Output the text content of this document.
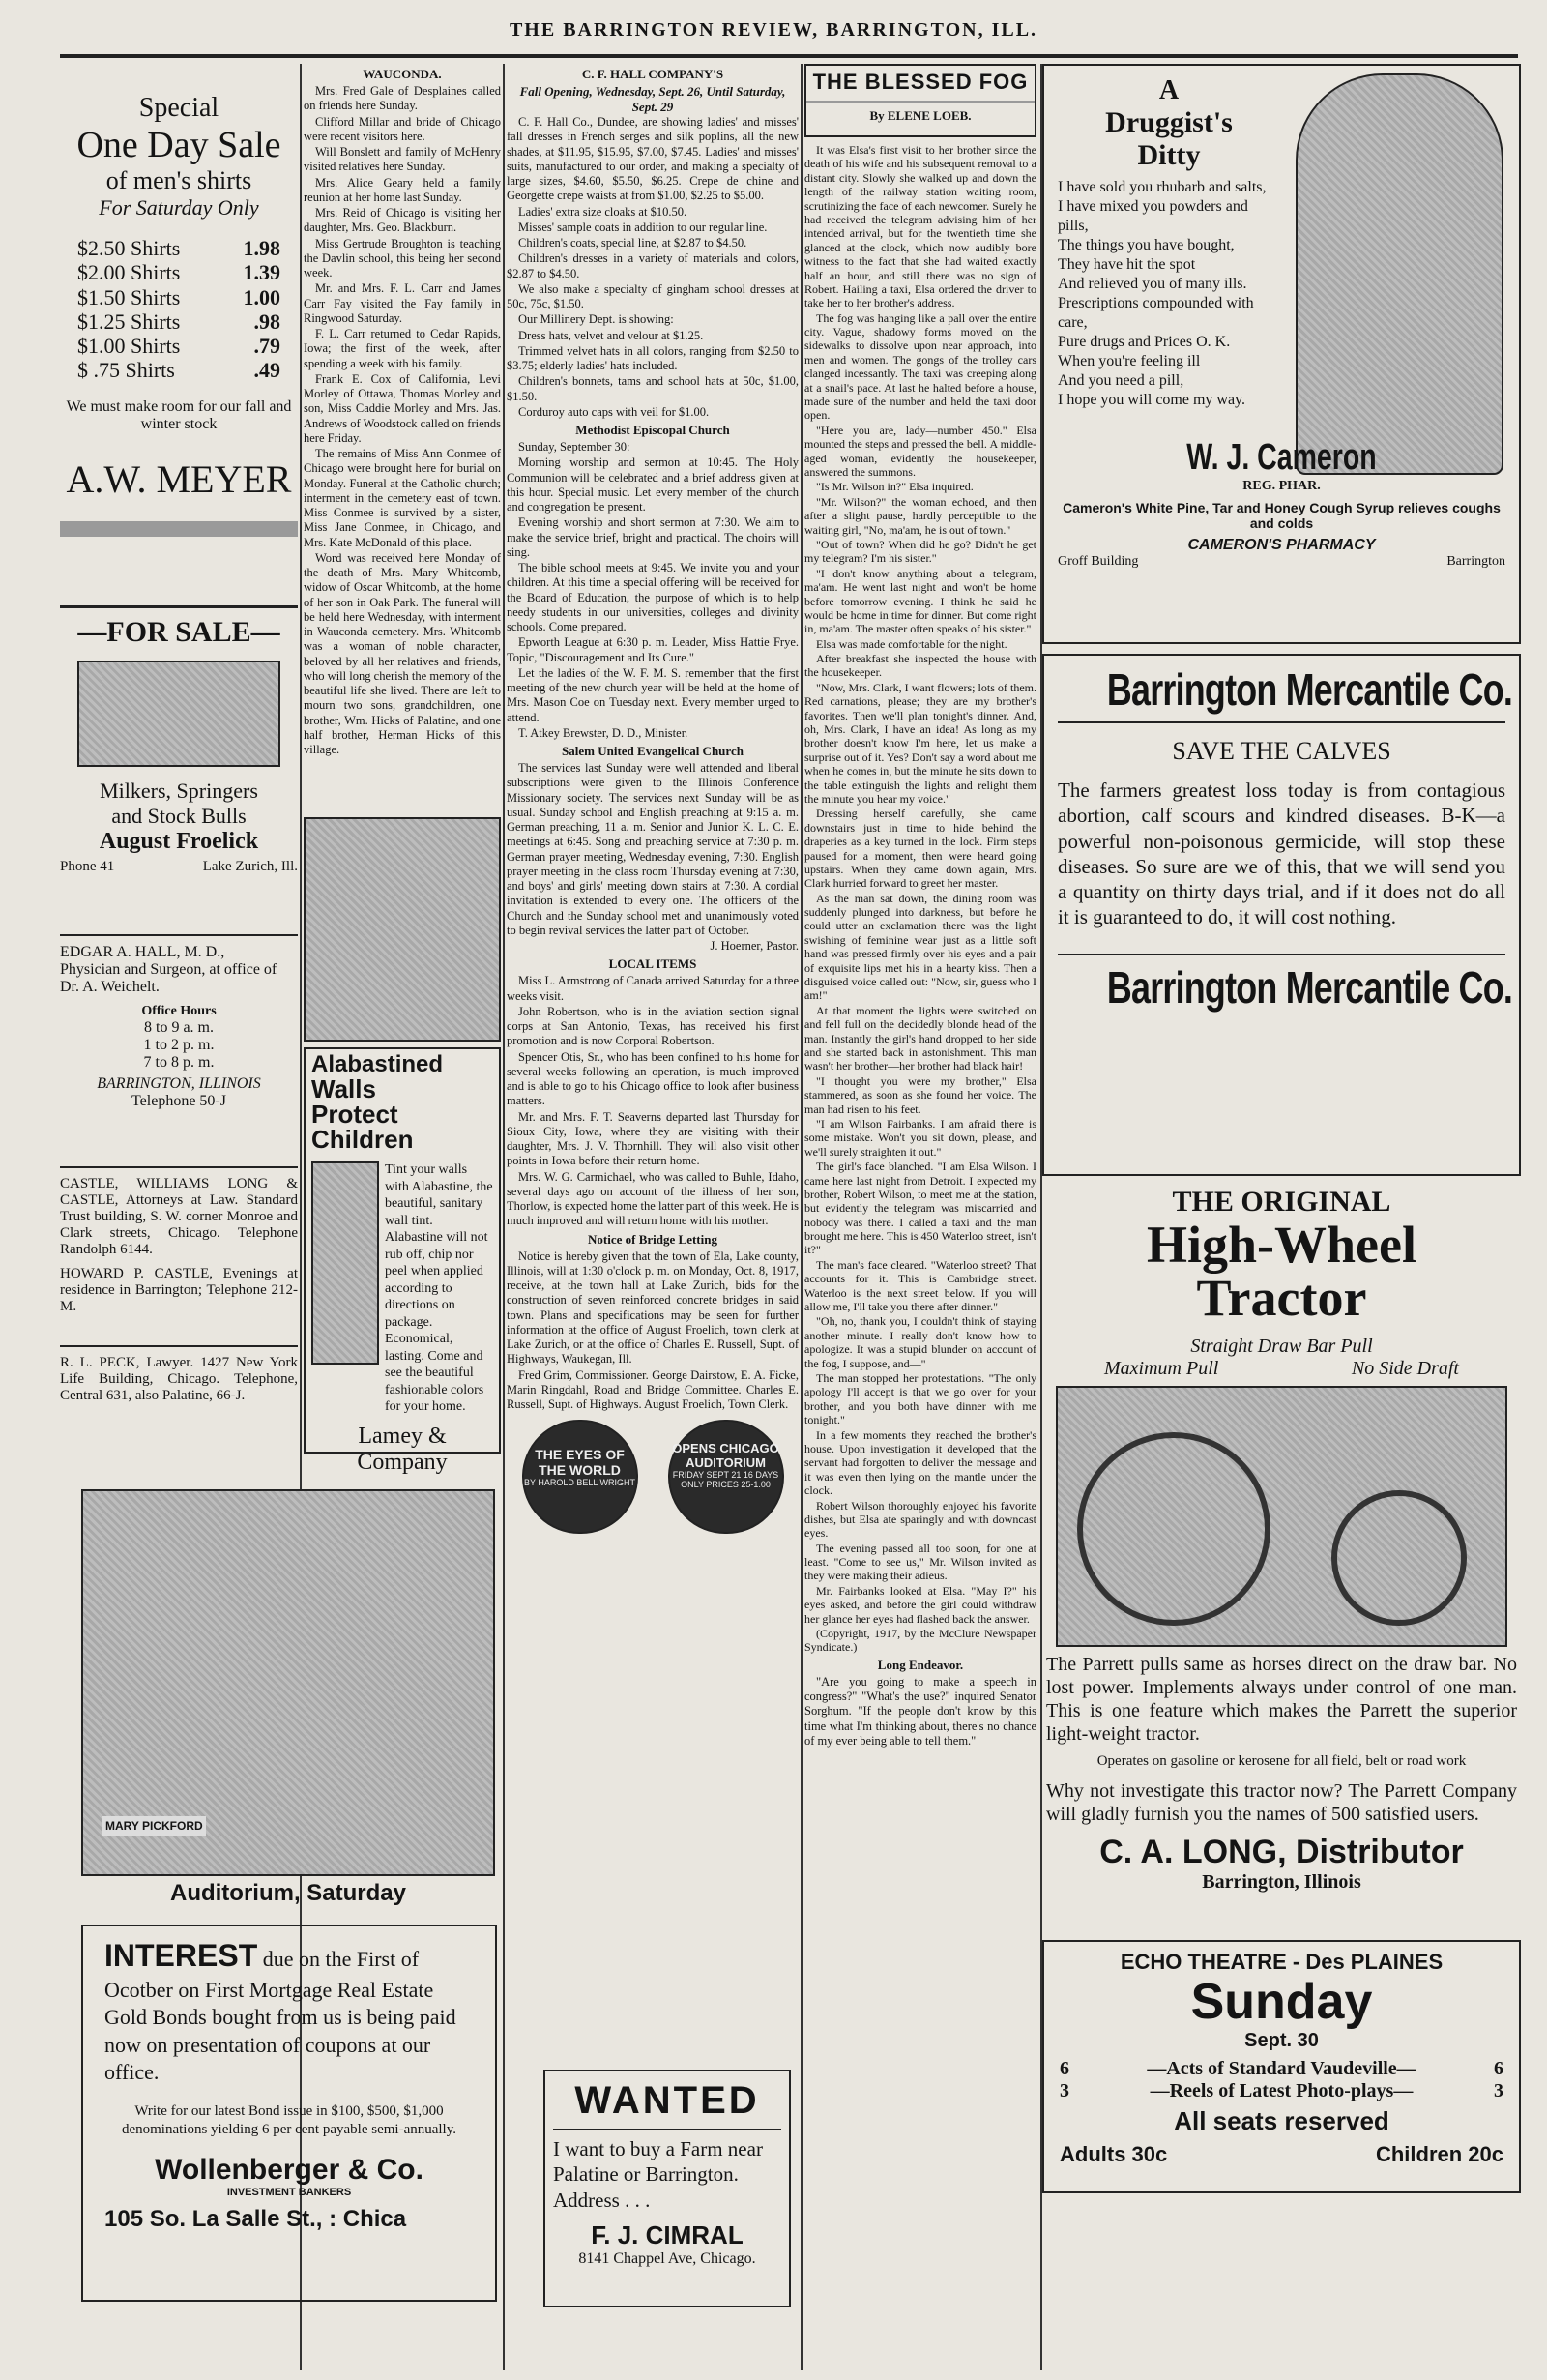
THE BARRINGTON REVIEW, BARRINGTON, ILL.
Special
One Day Sale
of men's shirts
For Saturday Only
$2.50 Shirts	1.98
$2.00 Shirts	1.39
$1.50 Shirts	1.00
$1.25 Shirts	.98
$1.00 Shirts	.79
$ .75 Shirts	.49
We must make room for our fall and winter stock
A.W. MEYER
—FOR SALE—
Milkers, Springers
and Stock Bulls
August Froelick
Phone 41	Lake Zurich, Ill.
EDGAR A. HALL, M. D.,
Physician and Surgeon, at office of Dr. A. Weichelt.
Office Hours
8 to 9 a. m.
1 to 2 p. m.
7 to 8 p. m.
BARRINGTON, ILLINOIS
Telephone 50-J
CASTLE, WILLIAMS LONG & CASTLE, Attorneys at Law. Standard Trust building, S. W. corner Monroe and Clark streets, Chicago. Telephone Randolph 6144.
HOWARD P. CASTLE, Evenings at residence in Barrington; Telephone 212-M.
R. L. PECK, Lawyer. 1427 New York Life Building, Chicago. Telephone, Central 631, also Palatine, 66-J.
WAUCONDA.

Mrs. Fred Gale of Desplaines called on friends here Sunday.

Clifford Millar and bride of Chicago were recent visitors here.

Will Bonslett and family of McHenry visited relatives here Sunday.

Mrs. Alice Geary held a family reunion at her home last Sunday.

Mrs. Reid of Chicago is visiting her daughter, Mrs. Geo. Blackburn.

Miss Gertrude Broughton is teaching the Davlin school, this being her second week.

Mr. and Mrs. F. L. Carr and James Carr Fay visited the Fay family in Ringwood Saturday.

F. L. Carr returned to Cedar Rapids, Iowa; the first of the week, after spending a week with his family.

Frank E. Cox of California, Levi Morley of Ottawa, Thomas Morley and son, Miss Caddie Morley and Mrs. Jas. Andrews of Woodstock called on friends here Friday.

The remains of Miss Ann Conmee of Chicago were brought here for burial on Monday. Funeral at the Catholic church; interment in the cemetery east of town. Miss Conmee is survived by a sister, Miss Jane Conmee, in Chicago, and Mrs. Kate McDonald of this place.

Word was received here Monday of the death of Mrs. Mary Whitcomb, widow of Oscar Whitcomb, at the home of her son in Oak Park. The funeral will be held here Wednesday, with interment in Wauconda cemetery. Mrs. Whitcomb was a woman of noble character, beloved by all her relatives and friends, who will long cherish the memory of the beautiful life she lived. There are left to mourn two sons, grandchildren, one brother, Wm. Hicks of Palatine, and one half brother, Herman Hicks of this village.

Alabastined
Walls
Protect
Children
Tint your walls with Alabastine, the beautiful, sanitary wall tint. Alabastine will not rub off, chip nor peel when applied according to directions on package. Economical, lasting. Come and see the beautiful fashionable colors for your home.
Lamey & Company
MARY PICKFORD
Auditorium, Saturday
C. F. HALL COMPANY'S
Fall Opening, Wednesday, Sept. 26, Until Saturday, Sept. 29

C. F. Hall Co., Dundee, are showing ladies' and misses' fall dresses in French serges and silk poplins, all the new shades, at $11.95, $15.95, $7.00, $7.45. Ladies' and misses' suits, manufactured to our order, and making a specialty of large sizes, $4.60, $5.50, $6.25. Crepe de chine and Georgette crepe waists at from $1.00, $2.25 to $5.00.

Ladies' extra size cloaks at $10.50.

Misses' sample coats in addition to our regular line.

Children's coats, special line, at $2.87 to $4.50.

Children's dresses in a variety of materials and colors, $2.87 to $4.50.

We also make a specialty of gingham school dresses at 50c, 75c, $1.50.

Our Millinery Dept. is showing:

Dress hats, velvet and velour at $1.25.

Trimmed velvet hats in all colors, ranging from $2.50 to $3.75; elderly ladies' hats included.

Children's bonnets, tams and school hats at 50c, $1.00, $1.50.

Corduroy auto caps with veil for $1.00.

Methodist Episcopal Church

Sunday, September 30:

Morning worship and sermon at 10:45. The Holy Communion will be celebrated and a brief address given at this hour. Special music. Let every member of the church and congregation be present.

Evening worship and short sermon at 7:30. We aim to make the service brief, bright and practical. The choirs will sing.

The bible school meets at 9:45. We invite you and your children. At this time a special offering will be received for the Board of Education, the purpose of which is to help needy students in our universities, colleges and divinity schools. Come prepared.

Epworth League at 6:30 p. m. Leader, Miss Hattie Frye. Topic, "Discouragement and Its Cure."

Let the ladies of the W. F. M. S. remember that the first meeting of the new church year will be held at the home of Mrs. Mason Coe on Tuesday next. Every member urged to attend.

T. Atkey Brewster, D. D., Minister.

Salem United Evangelical Church

The services last Sunday were well attended and liberal subscriptions were given to the Illinois Conference Missionary society. The services next Sunday will be as usual. Sunday school and English preaching at 9:15 a. m. German preaching, 11 a. m. Senior and Junior K. L. C. E. meetings at 6:45. Song and preaching service at 7:30 p. m. German prayer meeting, Wednesday evening, 7:30. English prayer meeting in the class room Thursday evening at 7:30, and boys' and girls' meeting down stairs at 7:30. A cordial invitation is extended to every one. The officers of the Church and the Sunday school met and unanimously voted to begin revival services the latter part of October.

J. Hoerner, Pastor.

LOCAL ITEMS

Miss L. Armstrong of Canada arrived Saturday for a three weeks visit.

John Robertson, who is in the aviation section signal corps at San Antonio, Texas, has received his first promotion and is now Corporal Robertson.

Spencer Otis, Sr., who has been confined to his home for several weeks following an operation, is much improved and is able to go to his Chicago office to look after business matters.

Mr. and Mrs. F. T. Seaverns departed last Thursday for Sioux City, Iowa, where they are visiting with their daughter, Mrs. J. V. Thornhill. They will also visit other points in Iowa before their return home.

Mrs. W. G. Carmichael, who was called to Buhle, Idaho, several days ago on account of the illness of her son, Thorlow, is expected home the latter part of this week. He is much improved and will return home with his mother.

Notice of Bridge Letting

Notice is hereby given that the town of Ela, Lake county, Illinois, will at 1:30 o'clock p. m. on Monday, Oct. 8, 1917, receive, at the town hall at Lake Zurich, bids for the construction of seven reinforced concrete bridges in said town. Plans and specifications may be seen for further information at the office of August Froelich, town clerk at Lake Zurich, or at the office of Charles E. Russell, Supt. of Highways, Waukegan, Ill.

Fred Grim, Commissioner. George Dairstow, E. A. Ficke, Marin Ringdahl, Road and Bridge Committee. Charles E. Russell, Supt. of Highways. August Froelich, Town Clerk.

THE EYES OF THE WORLD
BY HAROLD BELL WRIGHT
OPENS CHICAGO AUDITORIUM
FRIDAY SEPT 21 16 DAYS ONLY PRICES 25-1.00
WANTED
I want to buy a Farm near Palatine or Barrington. Address . . .
F. J. CIMRAL
8141 Chappel Ave, Chicago.
THE BLESSED FOG
By ELENE LOEB.

It was Elsa's first visit to her brother since the death of his wife and his subsequent removal to a distant city. Slowly she walked up and down the length of the railway station waiting room, scrutinizing the face of each newcomer. Surely he had received the telegram advising him of her intended arrival, but for the twentieth time she glanced at the clock, which now audibly bore witness to the fact that she had waited exactly half an hour, and still there was no sign of Robert. Hailing a taxi, Elsa ordered the driver to take her to her brother's address.

The fog was hanging like a pall over the entire city. Vague, shadowy forms moved on the sidewalks to dissolve upon near approach, into men and women. The gongs of the trolley cars clanged incessantly. The taxi was creeping along at a snail's pace. At last he halted before a house, made sure of the number and held the taxi door open.

"Here you are, lady—number 450." Elsa mounted the steps and pressed the bell. A middle-aged woman, evidently the housekeeper, answered the summons.

"Is Mr. Wilson in?" Elsa inquired.

"Mr. Wilson?" the woman echoed, and then after a slight pause, hardly perceptible to the waiting girl, "No, ma'am, he is out of town."

"Out of town? When did he go? Didn't he get my telegram? I'm his sister."

"I don't know anything about a telegram, ma'am. He went last night and won't be home before tomorrow evening. I think he said he would be home in time for dinner. But come right in, ma'am. The master often speaks of his sister."

Elsa was made comfortable for the night.

After breakfast she inspected the house with the housekeeper.

"Now, Mrs. Clark, I want flowers; lots of them. Red carnations, please; they are my brother's favorites. Then we'll plan tonight's dinner. And, oh, Mrs. Clark, I have an idea! As long as my brother doesn't know I'm here, let us make a surprise out of it. Yes? Don't say a word about me when he comes in, but the minute he sits down to the table extinguish the lights and relight them the minute you hear my voice."

Dressing herself carefully, she came downstairs just in time to hide behind the draperies as a key turned in the lock. Firm steps paused for a moment, then were heard going upstairs. When they came down again, Mrs. Clark hurried forward to greet her master.

As the man sat down, the dining room was suddenly plunged into darkness, but before he could utter an exclamation there was the light swishing of feminine wear just as a little soft hand was pressed firmly over his eyes and a pair of exquisite lips met his in a hearty kiss. Then a disguised voice called out: "Now, sir, guess who I am!"

At that moment the lights were switched on and fell full on the decidedly blonde head of the man. Instantly the girl's hand dropped to her side and she started back in astonishment. This man wasn't her brother—her brother had black hair!

"I thought you were my brother," Elsa stammered, as soon as she found her voice. The man had risen to his feet.

"I am Wilson Fairbanks. I am afraid there is some mistake. Won't you sit down, please, and we'll surely straighten it out."

The girl's face blanched. "I am Elsa Wilson. I came here last night from Detroit. I expected my brother, Robert Wilson, to meet me at the station, but evidently the telegram was miscarried and nobody was there. I called a taxi and the man brought me here. This is 450 Waterloo street, isn't it?"

The man's face cleared. "Waterloo street? That accounts for it. This is Cambridge street. Waterloo is the next street below. If you will allow me, I'll take you there after dinner."

"Oh, no, thank you, I couldn't think of staying another minute. I really don't know how to apologize. It was a stupid blunder on account of the fog, I suppose, and—"

The man stopped her protestations. "The only apology I'll accept is that we go over for your brother, and you both have dinner with me tonight."

In a few moments they reached the brother's house. Upon investigation it developed that the servant had forgotten to deliver the message and it was even then lying on the mantle under the clock.

Robert Wilson thoroughly enjoyed his favorite dishes, but Elsa ate sparingly and with downcast eyes.

The evening passed all too soon, for one at least. "Come to see us," Mr. Wilson invited as they were making their adieus.

Mr. Fairbanks looked at Elsa. "May I?" his eyes asked, and before the girl could withdraw her glance her eyes had flashed back the answer.

(Copyright, 1917, by the McClure Newspaper Syndicate.)

Long Endeavor.

"Are you going to make a speech in congress?" "What's the use?" inquired Senator Sorghum. "If the people don't know by this time what I'm thinking about, there's no chance of my ever being able to tell them."

A
Druggist's
Ditty
I have sold you rhubarb and salts,
I have mixed you powders and pills,
The things you have bought,
They have hit the spot
And relieved you of many ills.
Prescriptions compounded with care,
Pure drugs and Prices O. K.
When you're feeling ill
And you need a pill,
I hope you will come my way.
W. J. Cameron
REG. PHAR.
Cameron's White Pine, Tar and Honey Cough Syrup relieves coughs and colds
CAMERON'S PHARMACY
Groff Building	Barrington
Barrington Mercantile Co.
SAVE THE CALVES
The farmers greatest loss today is from contagious abortion, calf scours and kindred diseases. B-K—a powerful non-poisonous germicide, will stop these diseases. So sure are we of this, that we will send you a quantity on thirty days trial, and if it does not do all it is guaranteed to do, it will cost nothing.
Barrington Mercantile Co.
THE ORIGINAL
High-Wheel
Tractor
Straight Draw Bar Pull
Maximum Pull	No Side Draft
The Parrett pulls same as horses direct on the draw bar. No lost power. Implements always under control of one man. This is one feature which makes the Parrett the superior light-weight tractor.
Operates on gasoline or kerosene for all field, belt or road work
Why not investigate this tractor now? The Parrett Company will gladly furnish you the names of 500 satisfied users.
C. A. LONG, Distributor
Barrington, Illinois
ECHO THEATRE - Des PLAINES
Sunday
Sept. 30
6	—Acts of Standard Vaudeville—	6
3	—Reels of Latest Photo-plays—	3
All seats reserved
Adults 30c	Children 20c
INTEREST due on the First of Ocotber on First Mortgage Real Estate Gold Bonds bought from us is being paid now on presentation of coupons at our office.
Write for our latest Bond issue in $100, $500, $1,000 denominations yielding 6 per cent payable semi-annually.
Wollenberger & Co.
INVESTMENT BANKERS
105 So. La Salle St., : Chica
